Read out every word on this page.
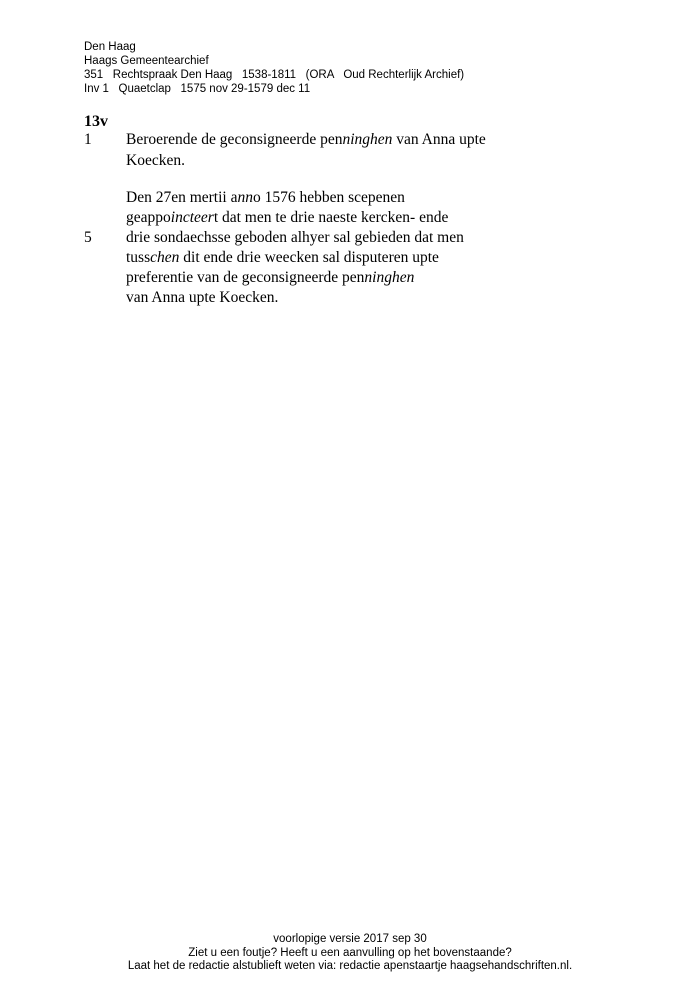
Den Haag
Haags Gemeentearchief
351   Rechtspraak Den Haag   1538-1811   (ORA   Oud Rechterlijk Archief)
Inv 1   Quaetclap   1575 nov 29-1579 dec 11
13v
1 Beroerende de geconsigneerde penninghen van Anna upte
Koecken.
Den 27en mertii anno 1576 hebben scepenen
geappoincteert dat men te drie naeste kercken- ende
5 drie sondaechsse geboden alhyer sal gebieden dat men
tusschen dit ende drie weecken sal disputeren upte
preferentie van de geconsigneerde penninghen
van Anna upte Koecken.
voorlopige versie 2017 sep 30
Ziet u een foutje? Heeft u een aanvulling op het bovenstaande?
Laat het de redactie alstublieft weten via: redactie apenstaartje haagsehandschriften.nl.
